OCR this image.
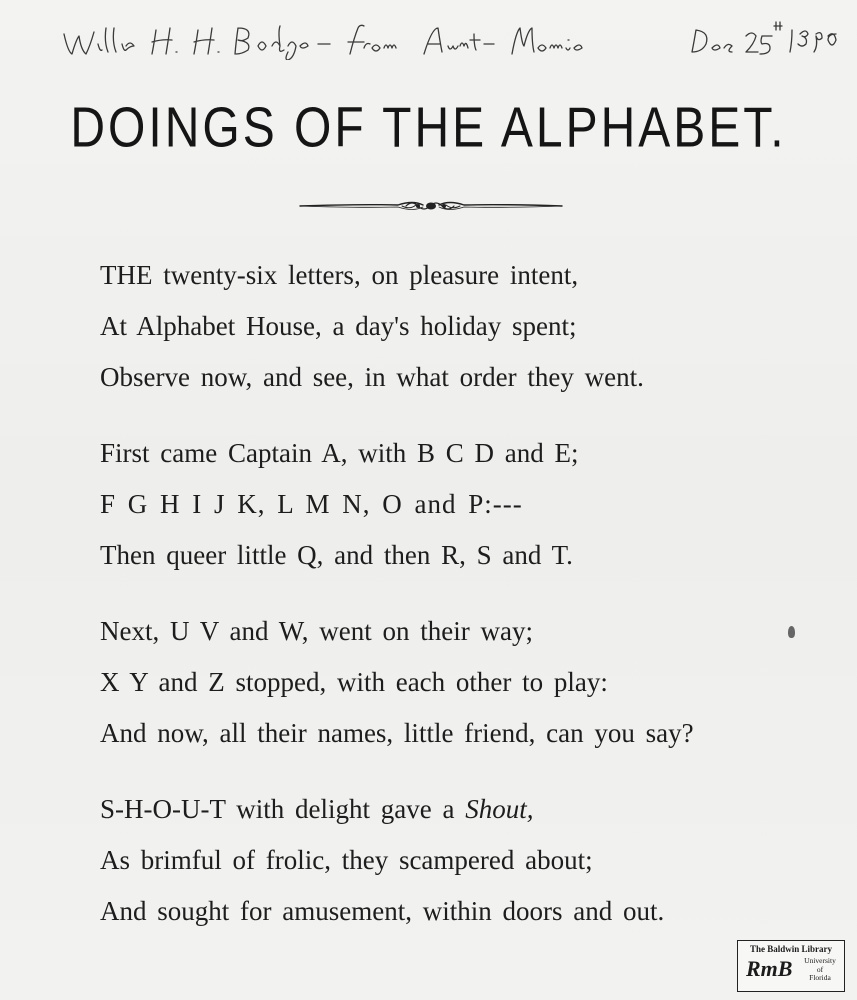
DOINGS OF THE ALPHABET.
THE twenty-six letters, on pleasure intent,
At Alphabet House, a day's holiday spent;
Observe now, and see, in what order they went.
First came Captain A, with B C D and E;
F G H I J K, L M N, O and P:---
Then queer little Q, and then R, S and T.
Next, U V and W, went on their way;
X Y and Z stopped, with each other to play:
And now, all their names, little friend, can you say?
S-H-O-U-T with delight gave a Shout,
As brimful of frolic, they scampered about;
And sought for amusement, within doors and out.
The Baldwin Library
RmB	University
of
Florida
